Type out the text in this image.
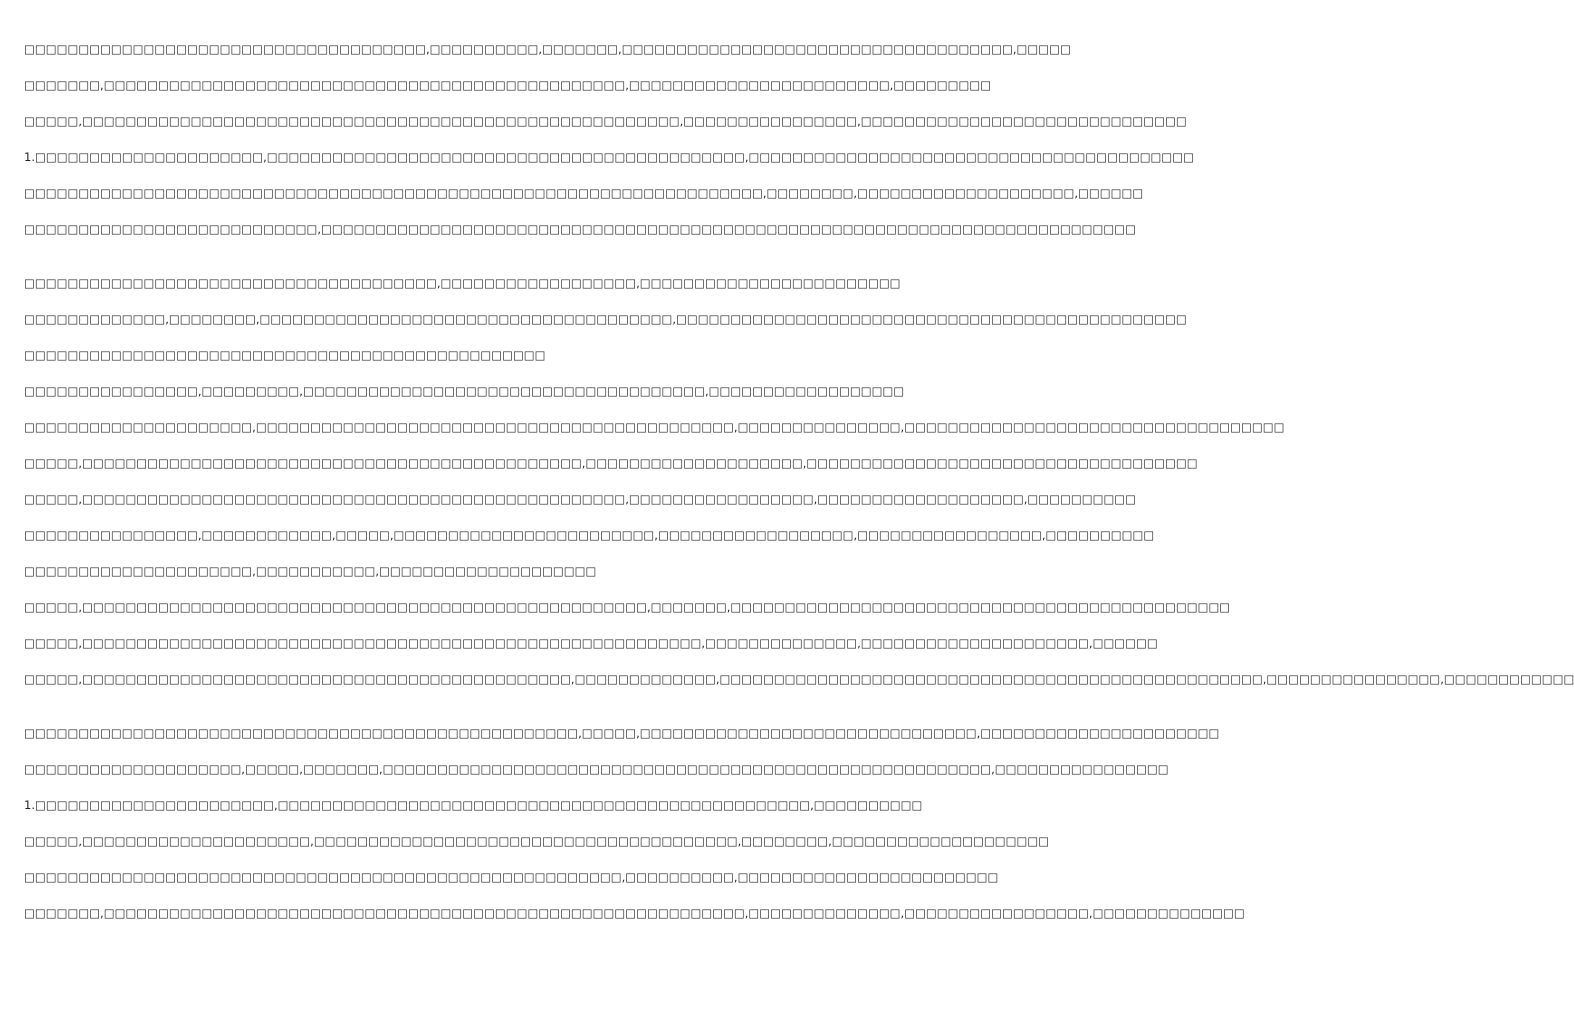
□□□□□□□□□□□□□□□□□□□□□□□□□□□□□□□□□□□□□,□□□□□□□□□□,□□□□□□□,□□□□□□□□□□□□□□□□□□□□□□□□□□□□□□□□□□□□,□□□□□

□□□□□□□,□□□□□□□□□□□□□□□□□□□□□□□□□□□□□□□□□□□□□□□□□□□□□□□□,□□□□□□□□□□□□□□□□□□□□□□□□,□□□□□□□□□

□□□□□,□□□□□□□□□□□□□□□□□□□□□□□□□□□□□□□□□□□□□□□□□□□□□□□□□□□□□□□,□□□□□□□□□□□□□□□□,□□□□□□□□□□□□□□□□□□□□□□□□□□□□□□

1.□□□□□□□□□□□□□□□□□□□□□,□□□□□□□□□□□□□□□□□□□□□□□□□□□□□□□□□□□□□□□□□□□□,□□□□□□□□□□□□□□□□□□□□□□□□□□□□□□□□□□□□□□□□□

□□□□□□□□□□□□□□□□□□□□□□□□□□□□□□□□□□□□□□□□□□□□□□□□□□□□□□□□□□□□□□□□□□□□,□□□□□□□□,□□□□□□□□□□□□□□□□□□□□,□□□□□□

□□□□□□□□□□□□□□□□□□□□□□□□□□□,□□□□□□□□□□□□□□□□□□□□□□□□□□□□□□□□□□□□□□□□□□□□□□□□□□□□□□□□□□□□□□□□□□□□□□□□□□□

□□□□□□□□□□□□□□□□□□□□□□□□□□□□□□□□□□□□□□,□□□□□□□□□□□□□□□□□□,□□□□□□□□□□□□□□□□□□□□□□□□

□□□□□□□□□□□□□,□□□□□□□□,□□□□□□□□□□□□□□□□□□□□□□□□□□□□□□□□□□□□□□,□□□□□□□□□□□□□□□□□□□□□□□□□□□□□□□□□□□□□□□□□□□□□□□

□□□□□□□□□□□□□□□□□□□□□□□□□□□□□□□□□□□□□□□□□□□□□□□□

□□□□□□□□□□□□□□□□,□□□□□□□□□,□□□□□□□□□□□□□□□□□□□□□□□□□□□□□□□□□□□□□,□□□□□□□□□□□□□□□□□□

□□□□□□□□□□□□□□□□□□□□□,□□□□□□□□□□□□□□□□□□□□□□□□□□□□□□□□□□□□□□□□□□□□,□□□□□□□□□□□□□□□,□□□□□□□□□□□□□□□□□□□□□□□□□□□□□□□□□□□

□□□□□,□□□□□□□□□□□□□□□□□□□□□□□□□□□□□□□□□□□□□□□□□□□□□□,□□□□□□□□□□□□□□□□□□□□,□□□□□□□□□□□□□□□□□□□□□□□□□□□□□□□□□□□□

□□□□□,□□□□□□□□□□□□□□□□□□□□□□□□□□□□□□□□□□□□□□□□□□□□□□□□□□,□□□□□□□□□□□□□□□□□,□□□□□□□□□□□□□□□□□□□,□□□□□□□□□□

□□□□□□□□□□□□□□□□,□□□□□□□□□□□□,□□□□□,□□□□□□□□□□□□□□□□□□□□□□□□,□□□□□□□□□□□□□□□□□□,□□□□□□□□□□□□□□□□□,□□□□□□□□□□

□□□□□□□□□□□□□□□□□□□□□,□□□□□□□□□□□,□□□□□□□□□□□□□□□□□□□□

□□□□□,□□□□□□□□□□□□□□□□□□□□□□□□□□□□□□□□□□□□□□□□□□□□□□□□□□□□,□□□□□□□,□□□□□□□□□□□□□□□□□□□□□□□□□□□□□□□□□□□□□□□□□□□□□□

□□□□□,□□□□□□□□□□□□□□□□□□□□□□□□□□□□□□□□□□□□□□□□□□□□□□□□□□□□□□□□□,□□□□□□□□□□□□□□,□□□□□□□□□□□□□□□□□□□□□,□□□□□□

□□□□□,□□□□□□□□□□□□□□□□□□□□□□□□□□□□□□□□□□□□□□□□□□□□□,□□□□□□□□□□□□□,□□□□□□□□□□□□□□□□□□□□□□□□□□□□□□□□□□□□□□□□□□□□□□□□□□,□□□□□□□□□□□□□□□□,□□□□□□□□□□□□

□□□□□□□□□□□□□□□□□□□□□□□□□□□□□□□□□□□□□□□□□□□□□□□□□□□,□□□□□,□□□□□□□□□□□□□□□□□□□□□□□□□□□□□□□,□□□□□□□□□□□□□□□□□□□□□□

□□□□□□□□□□□□□□□□□□□□,□□□□□,□□□□□□□,□□□□□□□□□□□□□□□□□□□□□□□□□□□□□□□□□□□□□□□□□□□□□□□□□□□□□□□□,□□□□□□□□□□□□□□□□

1.□□□□□□□□□□□□□□□□□□□□□□,□□□□□□□□□□□□□□□□□□□□□□□□□□□□□□□□□□□□□□□□□□□□□□□□□,□□□□□□□□□□

□□□□□,□□□□□□□□□□□□□□□□□□□□□,□□□□□□□□□□□□□□□□□□□□□□□□□□□□□□□□□□□□□□□,□□□□□□□□,□□□□□□□□□□□□□□□□□□□□

□□□□□□□□□□□□□□□□□□□□□□□□□□□□□□□□□□□□□□□□□□□□□□□□□□□□□□□,□□□□□□□□□□,□□□□□□□□□□□□□□□□□□□□□□□□

□□□□□□□,□□□□□□□□□□□□□□□□□□□□□□□□□□□□□□□□□□□□□□□□□□□□□□□□□□□□□□□□□□□,□□□□□□□□□□□□□□,□□□□□□□□□□□□□□□□□,□□□□□□□□□□□□□□
